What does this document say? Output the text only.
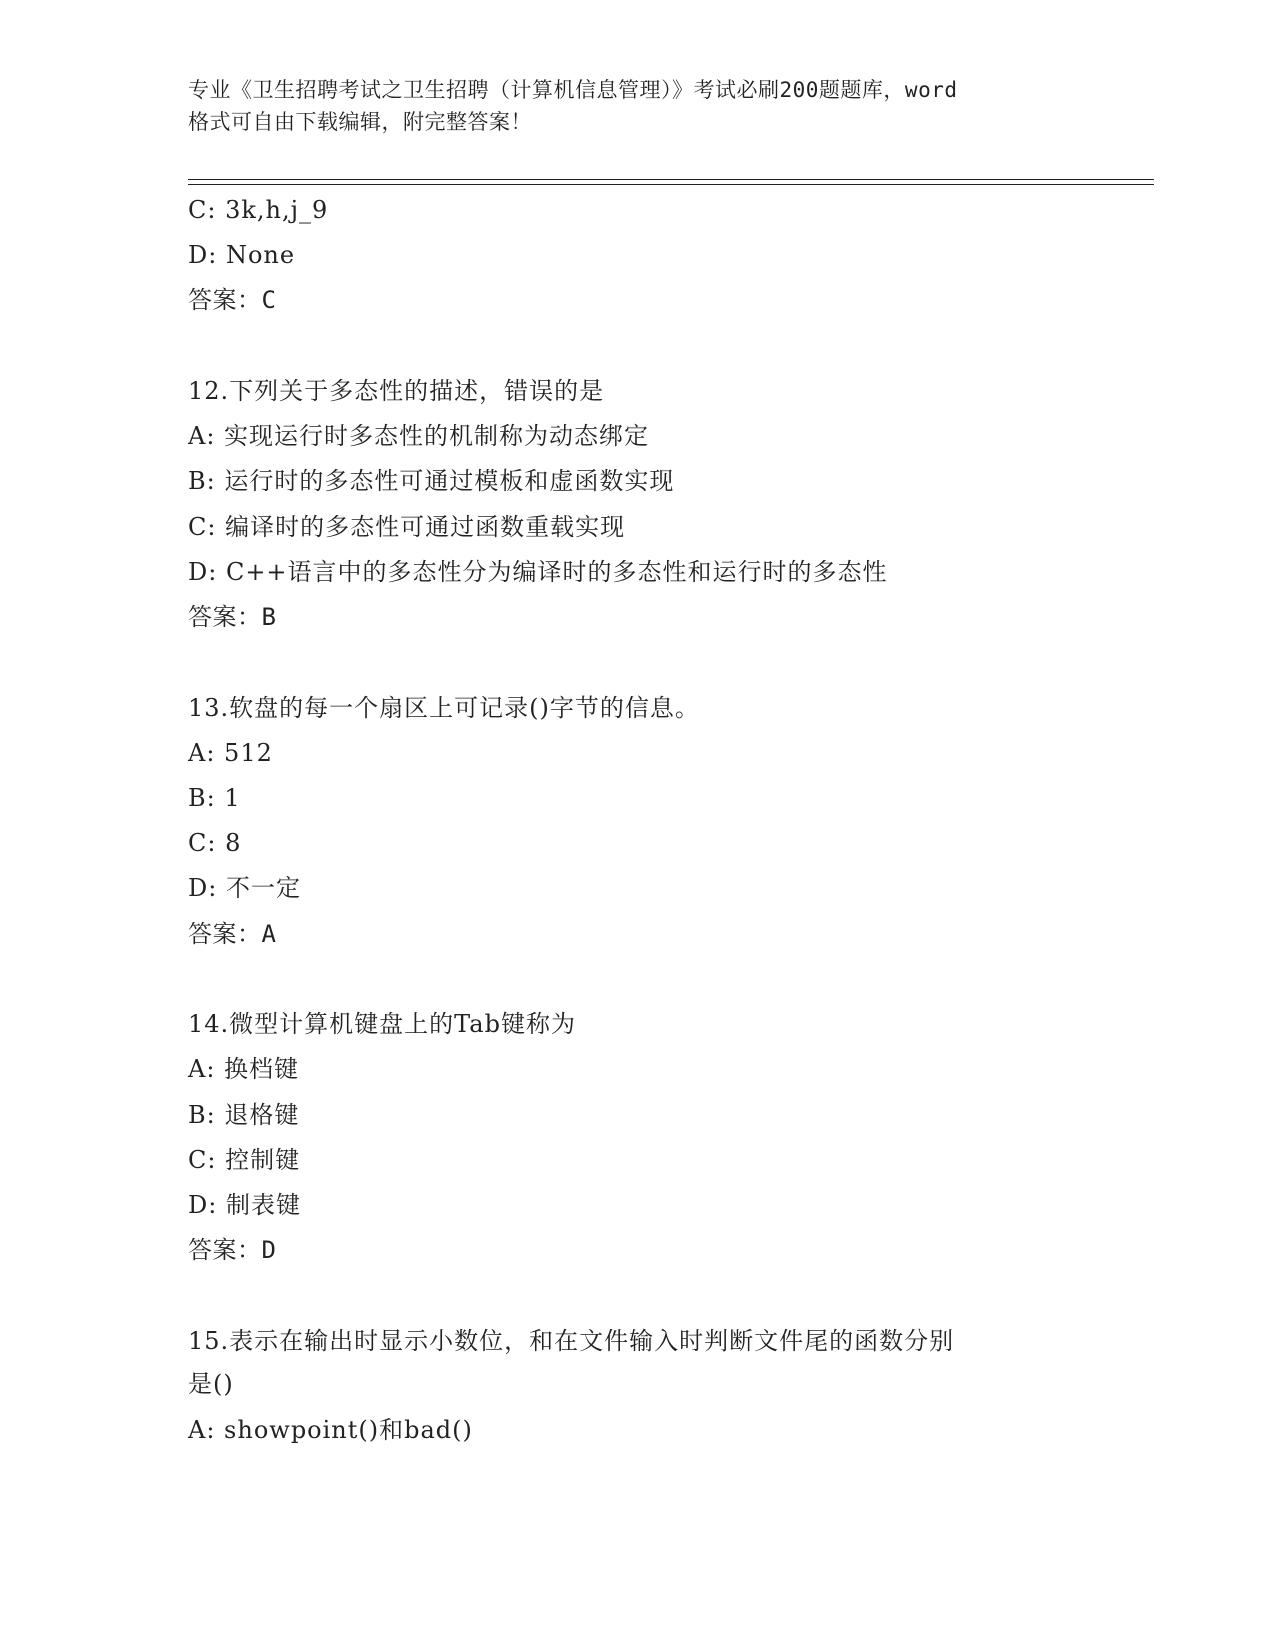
专业《卫生招聘考试之卫生招聘（计算机信息管理）》考试必刷200题题库，word
格式可自由下载编辑，附完整答案！
C: 3k,h,j_9
D: None
答案：C
12.下列关于多态性的描述，错误的是
A: 实现运行时多态性的机制称为动态绑定
B: 运行时的多态性可通过模板和虚函数实现
C: 编译时的多态性可通过函数重载实现
D: C++语言中的多态性分为编译时的多态性和运行时的多态性
答案：B
13.软盘的每一个扇区上可记录()字节的信息。
A: 512
B: 1
C: 8
D: 不一定
答案：A
14.微型计算机键盘上的Tab键称为
A: 换档键
B: 退格键
C: 控制键
D: 制表键
答案：D
15.表示在输出时显示小数位，和在文件输入时判断文件尾的函数分别
是()
A: showpoint()和bad()
